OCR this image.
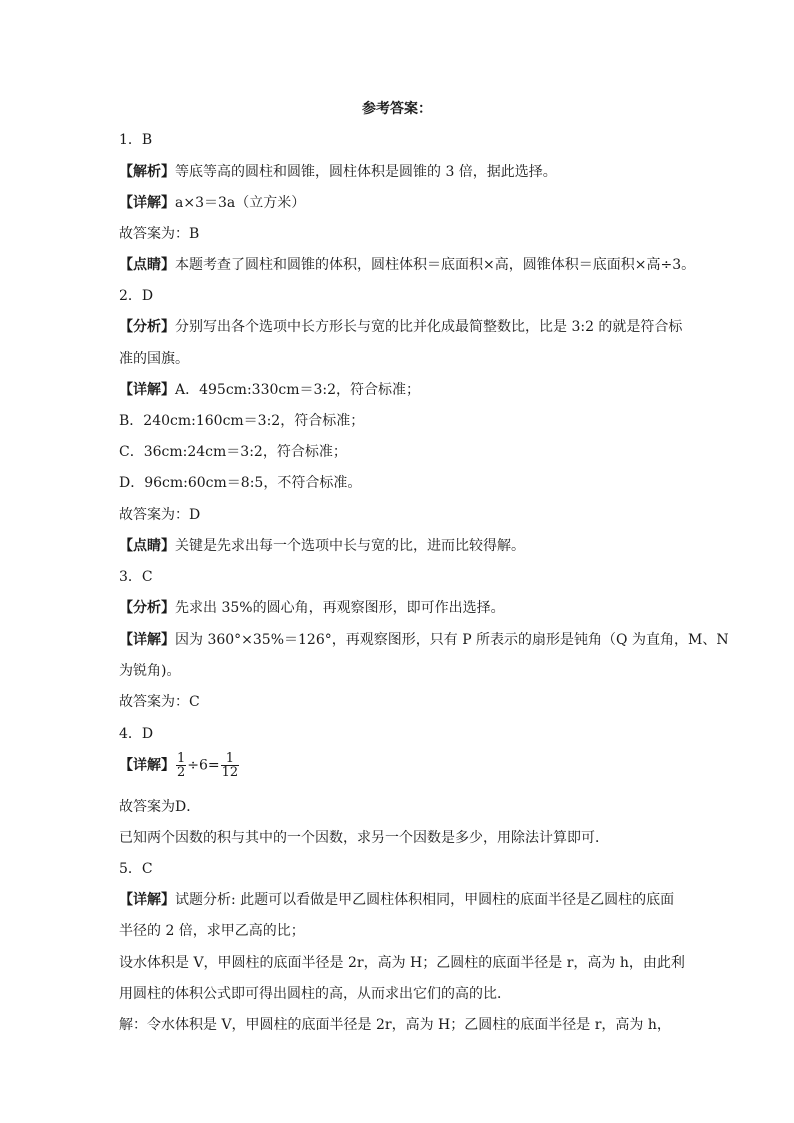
参考答案：
1．B
【解析】等底等高的圆柱和圆锥，圆柱体积是圆锥的 3 倍，据此选择。
【详解】a×3＝3a（立方米）
故答案为：B
【点睛】本题考查了圆柱和圆锥的体积，圆柱体积＝底面积×高，圆锥体积＝底面积×高÷3。
2．D
【分析】分别写出各个选项中长方形长与宽的比并化成最简整数比，比是 3:2 的就是符合标
准的国旗。
【详解】A．495cm:330cm＝3:2，符合标准；
B．240cm:160cm＝3:2，符合标准；
C．36cm:24cm＝3:2，符合标准；
D．96cm:60cm＝8:5，不符合标准。
故答案为：D
【点睛】关键是先求出每一个选项中长与宽的比，进而比较得解。
3．C
【分析】先求出 35%的圆心角，再观察图形，即可作出选择。
【详解】因为 360°×35%＝126°，再观察图形，只有 P 所表示的扇形是钝角（Q 为直角，M、N
为锐角)。
故答案为：C
4．D
故答案为D．
已知两个因数的积与其中的一个因数，求另一个因数是多少，用除法计算即可．
5．C
【详解】试题分析: 此题可以看做是甲乙圆柱体积相同，甲圆柱的底面半径是乙圆柱的底面
半径的 2 倍，求甲乙高的比；
设水体积是 V，甲圆柱的底面半径是 2r，高为 H；乙圆柱的底面半径是 r，高为 h，由此利
用圆柱的体积公式即可得出圆柱的高，从而求出它们的高的比．
解：令水体积是 V，甲圆柱的底面半径是 2r，高为 H；乙圆柱的底面半径是 r，高为 h，
【详解】 $\frac{1}{2} \div 6= \frac{1}{12}$
